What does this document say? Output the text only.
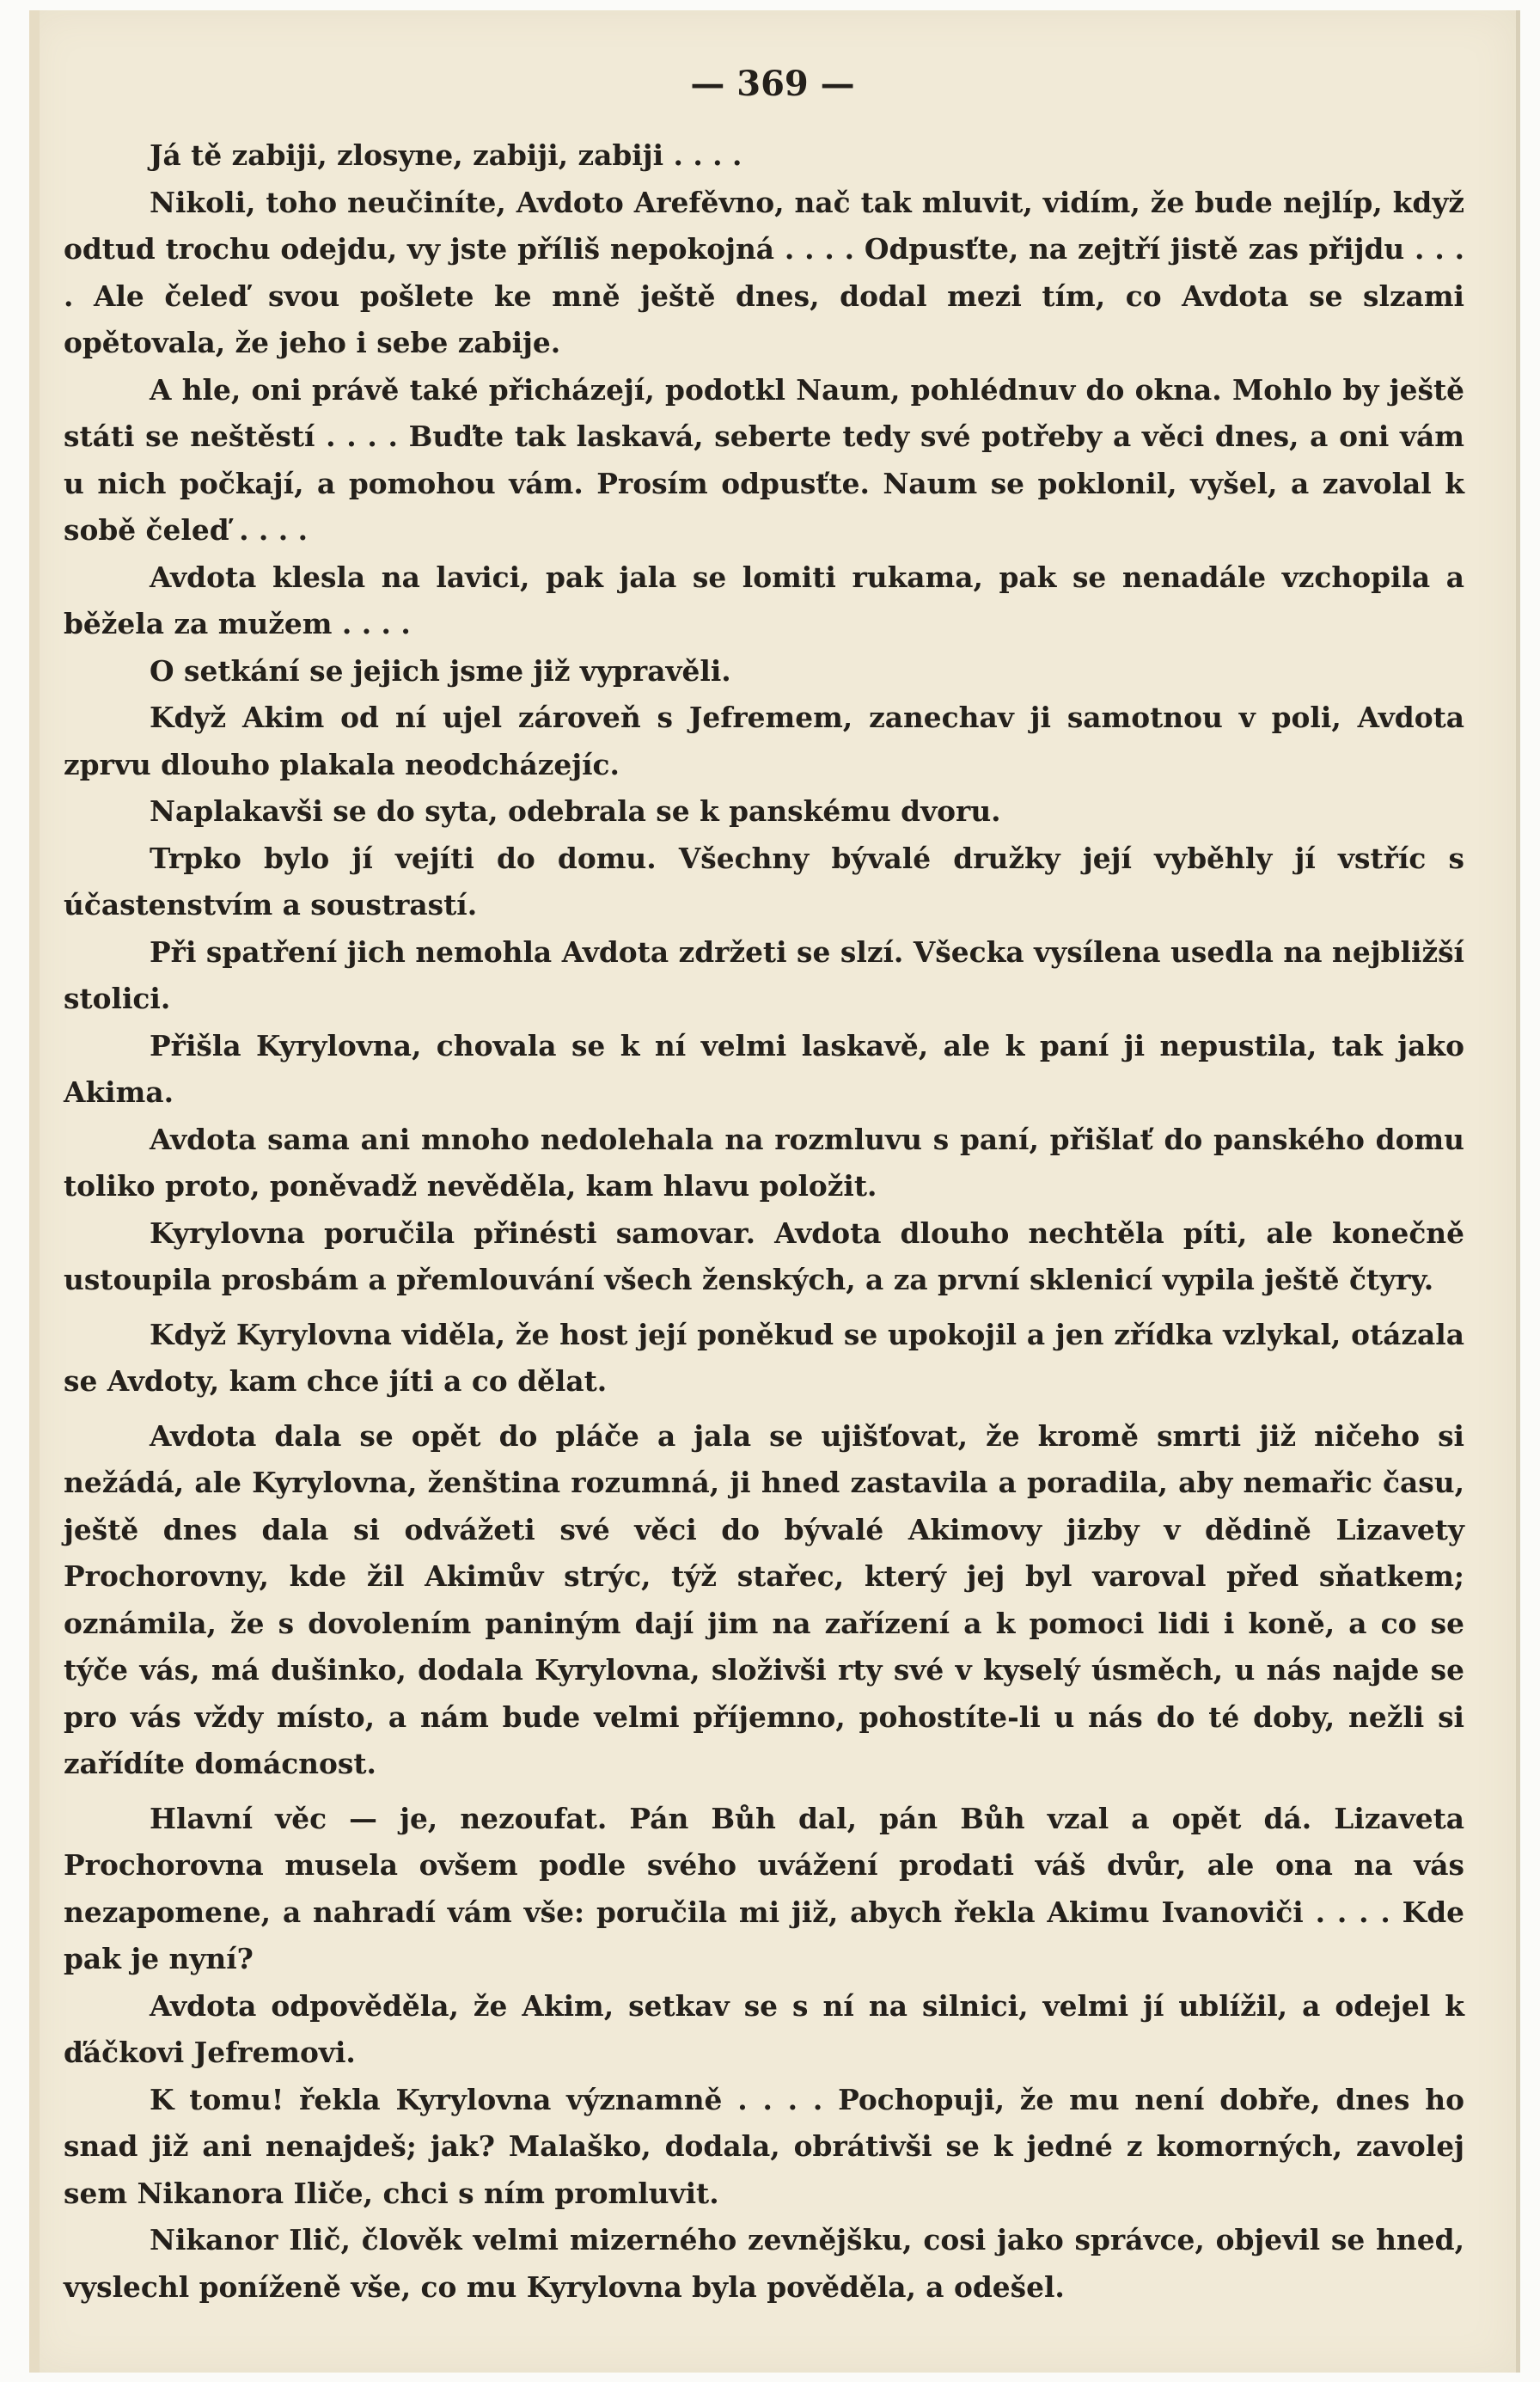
— 369 —

Já tě zabiji, zlosyne, zabiji, zabiji . . . .

Nikoli, toho neučiníte, Avdoto Arefěvno, nač tak mluvit, vidím, že bude nejlíp, když odtud trochu odejdu, vy jste příliš nepokojná . . . . Odpusťte, na zejtří jistě zas přijdu . . . . Ale čeleď svou pošlete ke mně ještě dnes, dodal mezi tím, co Avdota se slzami opětovala, že jeho i sebe zabije.

A hle, oni právě také přicházejí, podotkl Naum, pohlédnuv do okna. Mohlo by ještě státi se neštěstí . . . . Buďte tak laskavá, seberte tedy své potřeby a věci dnes, a oni vám u nich počkají, a pomohou vám. Prosím odpusťte. Naum se poklonil, vyšel, a zavolal k sobě čeleď . . . .

Avdota klesla na lavici, pak jala se lomiti rukama, pak se nenadále vzchopila a běžela za mužem . . . .

O setkání se jejich jsme již vypravěli.

Když Akim od ní ujel zároveň s Jefremem, zanechav ji samotnou v poli, Avdota zprvu dlouho plakala neodcházejíc.

Naplakavši se do syta, odebrala se k panskému dvoru.

Trpko bylo jí vejíti do domu. Všechny bývalé družky její vyběhly jí vstříc s účastenstvím a soustrastí.

Při spatření jich nemohla Avdota zdržeti se slzí. Všecka vysílena usedla na nejbližší stolici.

Přišla Kyrylovna, chovala se k ní velmi laskavě, ale k paní ji nepustila, tak jako Akima.

Avdota sama ani mnoho nedolehala na rozmluvu s paní, přišlať do panského domu toliko proto, poněvadž nevěděla, kam hlavu položit.

Kyrylovna poručila přinésti samovar. Avdota dlouho nechtěla píti, ale konečně ustoupila prosbám a přemlouvání všech ženských, a za první sklenicí vypila ještě čtyry.

Když Kyrylovna viděla, že host její poněkud se upokojil a jen zřídka vzlykal, otázala se Avdoty, kam chce jíti a co dělat.

Avdota dala se opět do pláče a jala se ujišťovat, že kromě smrti již ničeho si nežádá, ale Kyrylovna, ženština rozumná, ji hned zastavila a poradila, aby nemařic času, ještě dnes dala si odvážeti své věci do bývalé Akimovy jizby v dědině Lizavety Prochorovny, kde žil Akimův strýc, týž stařec, který jej byl varoval před sňatkem; oznámila, že s dovolením paniným dají jim na zařízení a k pomoci lidi i koně, a co se týče vás, má dušinko, dodala Kyrylovna, složivši rty své v kyselý úsměch, u nás najde se pro vás vždy místo, a nám bude velmi příjemno, pohostíte-li u nás do té doby, nežli si zařídíte domácnost.

Hlavní věc — je, nezoufat. Pán Bůh dal, pán Bůh vzal a opět dá. Lizaveta Prochorovna musela ovšem podle svého uvážení prodati váš dvůr, ale ona na vás nezapomene, a nahradí vám vše: poručila mi již, abych řekla Akimu Ivanoviči . . . . Kde pak je nyní?

Avdota odpověděla, že Akim, setkav se s ní na silnici, velmi jí ublížil, a odejel k ďáčkovi Jefremovi.

K tomu! řekla Kyrylovna významně . . . . Pochopuji, že mu není dobře, dnes ho snad již ani nenajdeš; jak? Malaško, dodala, obrátivši se k jedné z komorných, zavolej sem Nikanora Iliče, chci s ním promluvit.

Nikanor Ilič, člověk velmi mizerného zevnějšku, cosi jako správce, objevil se hned, vyslechl poníženě vše, co mu Kyrylovna byla pověděla, a odešel.
